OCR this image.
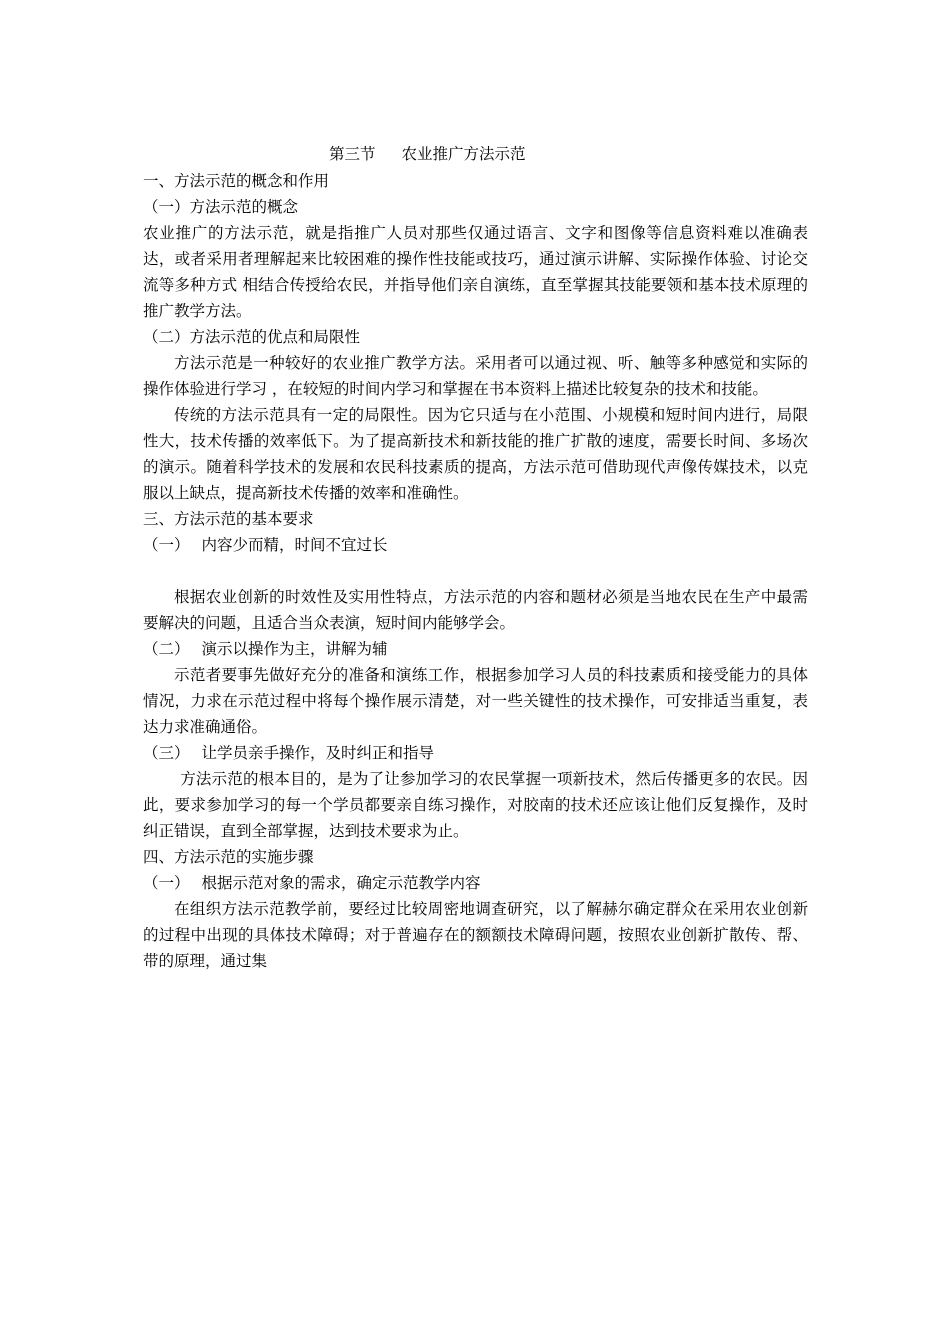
第三节 农业推广方法示范

一、方法示范的概念和作用

（一）方法示范的概念

农业推广的方法示范，就是指推广人员对那些仅通过语言、文字和图像等信息资料难以准确表达，或者采用者理解起来比较困难的操作性技能或技巧，通过演示讲解、实际操作体验、讨论交流等多种方式 相结合传授给农民，并指导他们亲自演练，直至掌握其技能要领和基本技术原理的推广教学方法。

（二）方法示范的优点和局限性

方法示范是一种较好的农业推广教学方法。采用者可以通过视、听、触等多种感觉和实际的操作体验进行学习 ，在较短的时间内学习和掌握在书本资料上描述比较复杂的技术和技能。

传统的方法示范具有一定的局限性。因为它只适与在小范围、小规模和短时间内进行，局限性大，技术传播的效率低下。为了提高新技术和新技能的推广扩散的速度，需要长时间、多场次的演示。随着科学技术的发展和农民科技素质的提高，方法示范可借助现代声像传媒技术，以克服以上缺点，提高新技术传播的效率和准确性。

三、方法示范的基本要求

（一） 内容少而精，时间不宜过长

根据农业创新的时效性及实用性特点，方法示范的内容和题材必须是当地农民在生产中最需要解决的问题，且适合当众表演，短时间内能够学会。

（二） 演示以操作为主，讲解为辅

示范者要事先做好充分的准备和演练工作，根据参加学习人员的科技素质和接受能力的具体情况，力求在示范过程中将每个操作展示清楚，对一些关键性的技术操作，可安排适当重复，表达力求准确通俗。

（三） 让学员亲手操作，及时纠正和指导

方法示范的根本目的，是为了让参加学习的农民掌握一项新技术，然后传播更多的农民。因此，要求参加学习的每一个学员都要亲自练习操作，对胶南的技术还应该让他们反复操作，及时纠正错误，直到全部掌握，达到技术要求为止。

四、方法示范的实施步骤

（一） 根据示范对象的需求，确定示范教学内容

在组织方法示范教学前，要经过比较周密地调查研究，以了解赫尔确定群众在采用农业创新的过程中出现的具体技术障碍；对于普遍存在的额额技术障碍问题，按照农业创新扩散传、帮、带的原理，通过集
